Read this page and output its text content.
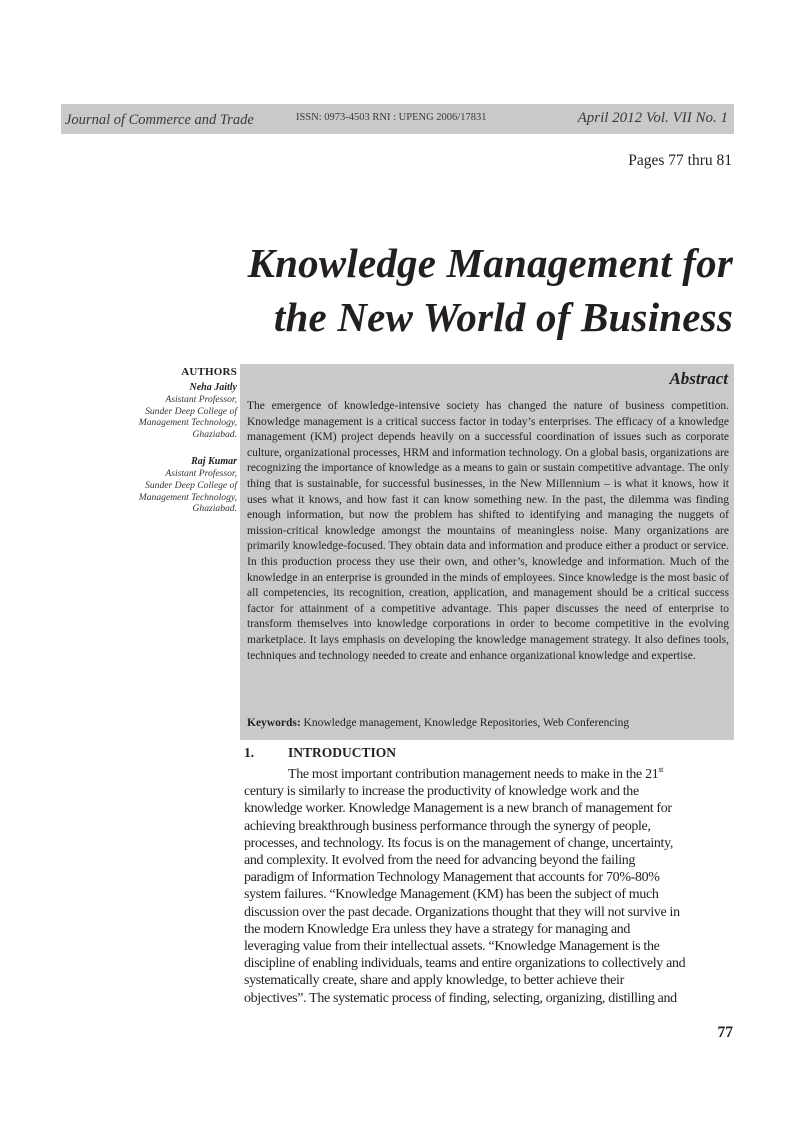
Journal of Commerce and Trade	ISSN: 0973-4503 RNI : UPENG 2006/17831	April 2012 Vol. VII No. 1
Pages 77 thru 81
Knowledge Management for
the New World of Business
AUTHORS
Neha Jaitly
Asistant Professor,
Sunder Deep College of
Management Technology,
Ghaziabad.
Raj Kumar
Asistant Professor,
Sunder Deep College of
Management Technology,
Ghaziabad.
Abstract
The emergence of knowledge-intensive society has changed the nature of business competition. Knowledge management is a critical success factor in today’s enterprises. The efficacy of a knowledge management (KM) project depends heavily on a successful coordination of issues such as corporate culture, organizational processes, HRM and information technology. On a global basis, organizations are recognizing the importance of knowledge as a means to gain or sustain competitive advantage. The only thing that is sustainable, for successful businesses, in the New Millennium – is what it knows, how it uses what it knows, and how fast it can know something new. In the past, the dilemma was finding enough information, but now the problem has shifted to identifying and managing the nuggets of mission-critical knowledge amongst the mountains of meaningless noise. Many organizations are primarily knowledge-focused. They obtain data and information and produce either a product or service. In this production process they use their own, and other’s, knowledge and information. Much of the knowledge in an enterprise is grounded in the minds of employees. Since knowledge is the most basic of all competencies, its recognition, creation, application, and management should be a critical success factor for attainment of a competitive advantage. This paper discusses the need of enterprise to transform themselves into knowledge corporations in order to become competitive in the evolving marketplace. It lays emphasis on developing the knowledge management strategy. It also defines tools, techniques and technology needed to create and enhance organizational knowledge and expertise.
Keywords: Knowledge management, Knowledge Repositories, Web Conferencing
1.	INTRODUCTION
The most important contribution management needs to make in the 21st
century is similarly to increase the productivity of knowledge work and the
knowledge worker. Knowledge Management is a new branch of management for
achieving breakthrough business performance through the synergy of people,
processes, and technology. Its focus is on the management of change, uncertainty,
and complexity. It evolved from the need for advancing beyond the failing
paradigm of Information Technology Management that accounts for 70%-80%
system failures. “Knowledge Management (KM) has been the subject of much
discussion over the past decade. Organizations thought that they will not survive in
the modern Knowledge Era unless they have a strategy for managing and
leveraging value from their intellectual assets. “Knowledge Management is the
discipline of enabling individuals, teams and entire organizations to collectively and
systematically create, share and apply knowledge, to better achieve their
objectives”. The systematic process of finding, selecting, organizing, distilling and
77
